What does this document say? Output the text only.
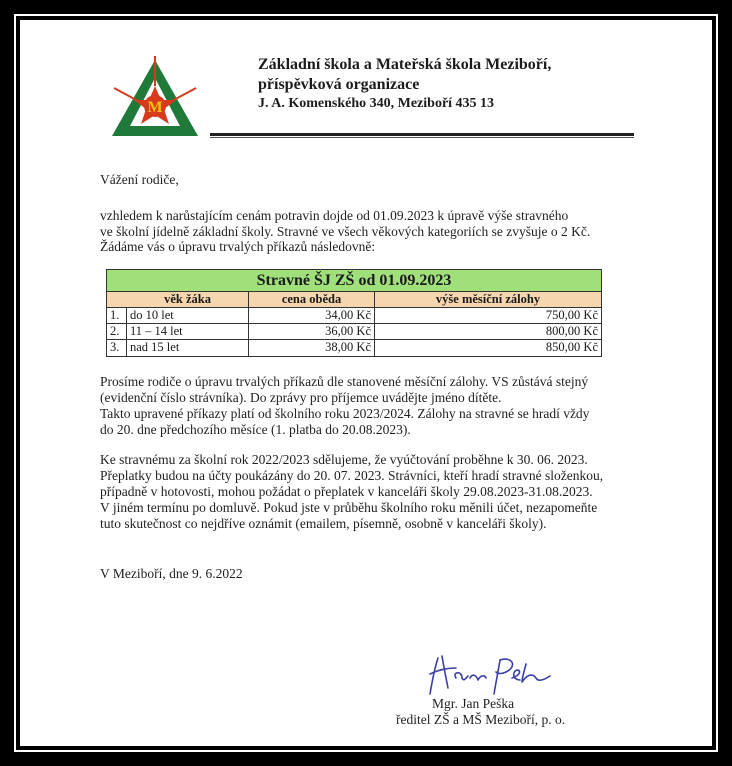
M
Základní škola a Mateřská škola Meziboří,
příspěvková organizace
J. A. Komenského 340, Meziboří 435 13
Vážení rodiče,
vzhledem k narůstajícím cenám potravin dojde od 01.09.2023 k úpravě výše stravného
ve školní jídelně základní školy. Stravné ve všech věkových kategoriích se zvyšuje o 2 Kč.
Žádáme vás o úpravu trvalých příkazů následovně:
Stravné ŠJ ZŠ od 01.09.2023
věk žáka	cena oběda	výše měsíční zálohy
1. do 10 let	34,00 Kč	750,00 Kč
2. 11 – 14 let	36,00 Kč	800,00 Kč
3. nad 15 let	38,00 Kč	850,00 Kč
Prosíme rodiče o úpravu trvalých příkazů dle stanovené měsíční zálohy. VS zůstává stejný
(evidenční číslo strávníka). Do zprávy pro příjemce uvádějte jméno dítěte.
Takto upravené příkazy platí od školního roku 2023/2024. Zálohy na stravné se hradí vždy
do 20. dne předchozího měsíce (1. platba do 20.08.2023).
Ke stravnému za školní rok 2022/2023 sdělujeme, že vyúčtování proběhne k 30. 06. 2023.
Přeplatky budou na účty poukázány do 20. 07. 2023. Strávníci, kteří hradí stravné složenkou,
případně v hotovosti, mohou požádat o přeplatek v kanceláři školy 29.08.2023-31.08.2023.
V jiném termínu po domluvě. Pokud jste v průběhu školního roku měnili účet, nezapomeňte
tuto skutečnost co nejdříve oznámit (emailem, písemně, osobně v kanceláři školy).
V Meziboří, dne 9. 6.2022
Mgr. Jan Peška
ředitel ZŠ a MŠ Meziboří, p. o.
